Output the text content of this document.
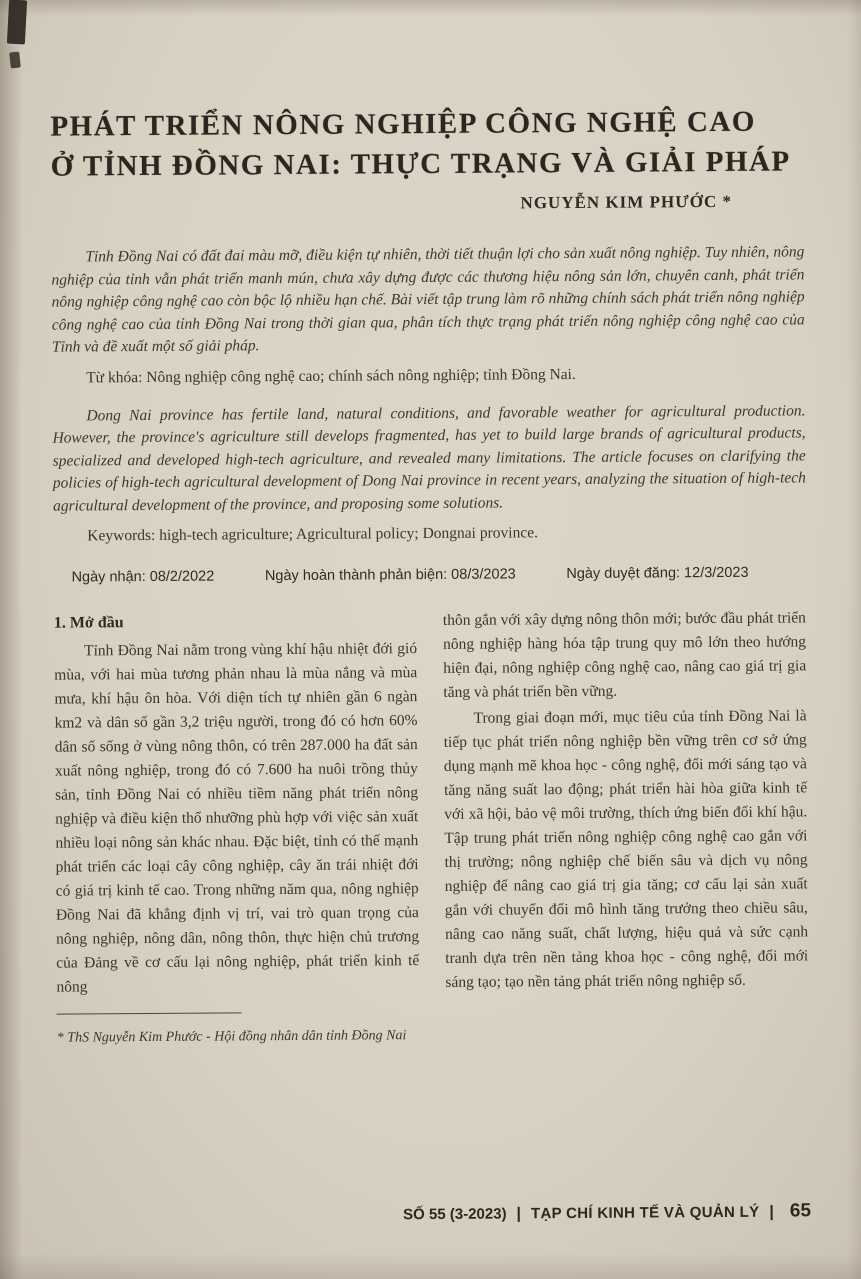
PHÁT TRIỂN NÔNG NGHIỆP CÔNG NGHỆ CAO
Ở TỈNH ĐỒNG NAI: THỰC TRẠNG VÀ GIẢI PHÁP
NGUYỄN KIM PHƯỚC *

Tỉnh Đồng Nai có đất đai màu mỡ, điều kiện tự nhiên, thời tiết thuận lợi cho sản xuất nông nghiệp. Tuy nhiên, nông nghiệp của tỉnh vẫn phát triển manh mún, chưa xây dựng được các thương hiệu nông sản lớn, chuyên canh, phát triển nông nghiệp công nghệ cao còn bộc lộ nhiều hạn chế. Bài viết tập trung làm rõ những chính sách phát triển nông nghiệp công nghệ cao của tỉnh Đồng Nai trong thời gian qua, phân tích thực trạng phát triển nông nghiệp công nghệ cao của Tỉnh và đề xuất một số giải pháp.

Từ khóa: Nông nghiệp công nghệ cao; chính sách nông nghiệp; tỉnh Đồng Nai.

Dong Nai province has fertile land, natural conditions, and favorable weather for agricultural production. However, the province's agriculture still develops fragmented, has yet to build large brands of agricultural products, specialized and developed high-tech agriculture, and revealed many limitations. The article focuses on clarifying the policies of high-tech agricultural development of Dong Nai province in recent years, analyzing the situation of high-tech agricultural development of the province, and proposing some solutions.

Keywords: high-tech agriculture; Agricultural policy; Dongnai province.

Ngày nhận: 08/2/2022	Ngày hoàn thành phản biện: 08/3/2023	Ngày duyệt đăng: 12/3/2023

1. Mở đầu

Tỉnh Đồng Nai nằm trong vùng khí hậu nhiệt đới gió mùa, với hai mùa tương phản nhau là mùa nắng và mùa mưa, khí hậu ôn hòa. Với diện tích tự nhiên gần 6 ngàn km2 và dân số gần 3,2 triệu người, trong đó có hơn 60% dân số sống ở vùng nông thôn, có trên 287.000 ha đất sản xuất nông nghiệp, trong đó có 7.600 ha nuôi trồng thủy sản, tỉnh Đồng Nai có nhiều tiềm năng phát triển nông nghiệp và điều kiện thổ nhưỡng phù hợp với việc sản xuất nhiều loại nông sản khác nhau. Đặc biệt, tỉnh có thế mạnh phát triển các loại cây công nghiệp, cây ăn trái nhiệt đới có giá trị kinh tế cao. Trong những năm qua, nông nghiệp Đồng Nai đã khẳng định vị trí, vai trò quan trọng của nông nghiệp, nông dân, nông thôn, thực hiện chủ trương của Đảng về cơ cấu lại nông nghiệp, phát triển kinh tế nông

* ThS Nguyễn Kim Phước - Hội đồng nhân dân tỉnh Đồng Nai

thôn gắn với xây dựng nông thôn mới; bước đầu phát triển nông nghiệp hàng hóa tập trung quy mô lớn theo hướng hiện đại, nông nghiệp công nghệ cao, nâng cao giá trị gia tăng và phát triển bền vững.

Trong giai đoạn mới, mục tiêu của tỉnh Đồng Nai là tiếp tục phát triển nông nghiệp bền vững trên cơ sở ứng dụng mạnh mẽ khoa học - công nghệ, đổi mới sáng tạo và tăng năng suất lao động; phát triển hài hòa giữa kinh tế với xã hội, bảo vệ môi trường, thích ứng biến đổi khí hậu. Tập trung phát triển nông nghiệp công nghệ cao gắn với thị trường; nông nghiệp chế biến sâu và dịch vụ nông nghiệp để nâng cao giá trị gia tăng; cơ cấu lại sản xuất gắn với chuyển đổi mô hình tăng trưởng theo chiều sâu, nâng cao năng suất, chất lượng, hiệu quả và sức cạnh tranh dựa trên nền tảng khoa học - công nghệ, đổi mới sáng tạo; tạo nền tảng phát triển nông nghiệp số.

SỐ 55 (3-2023) | TẠP CHÍ KINH TẾ VÀ QUẢN LÝ | 65
